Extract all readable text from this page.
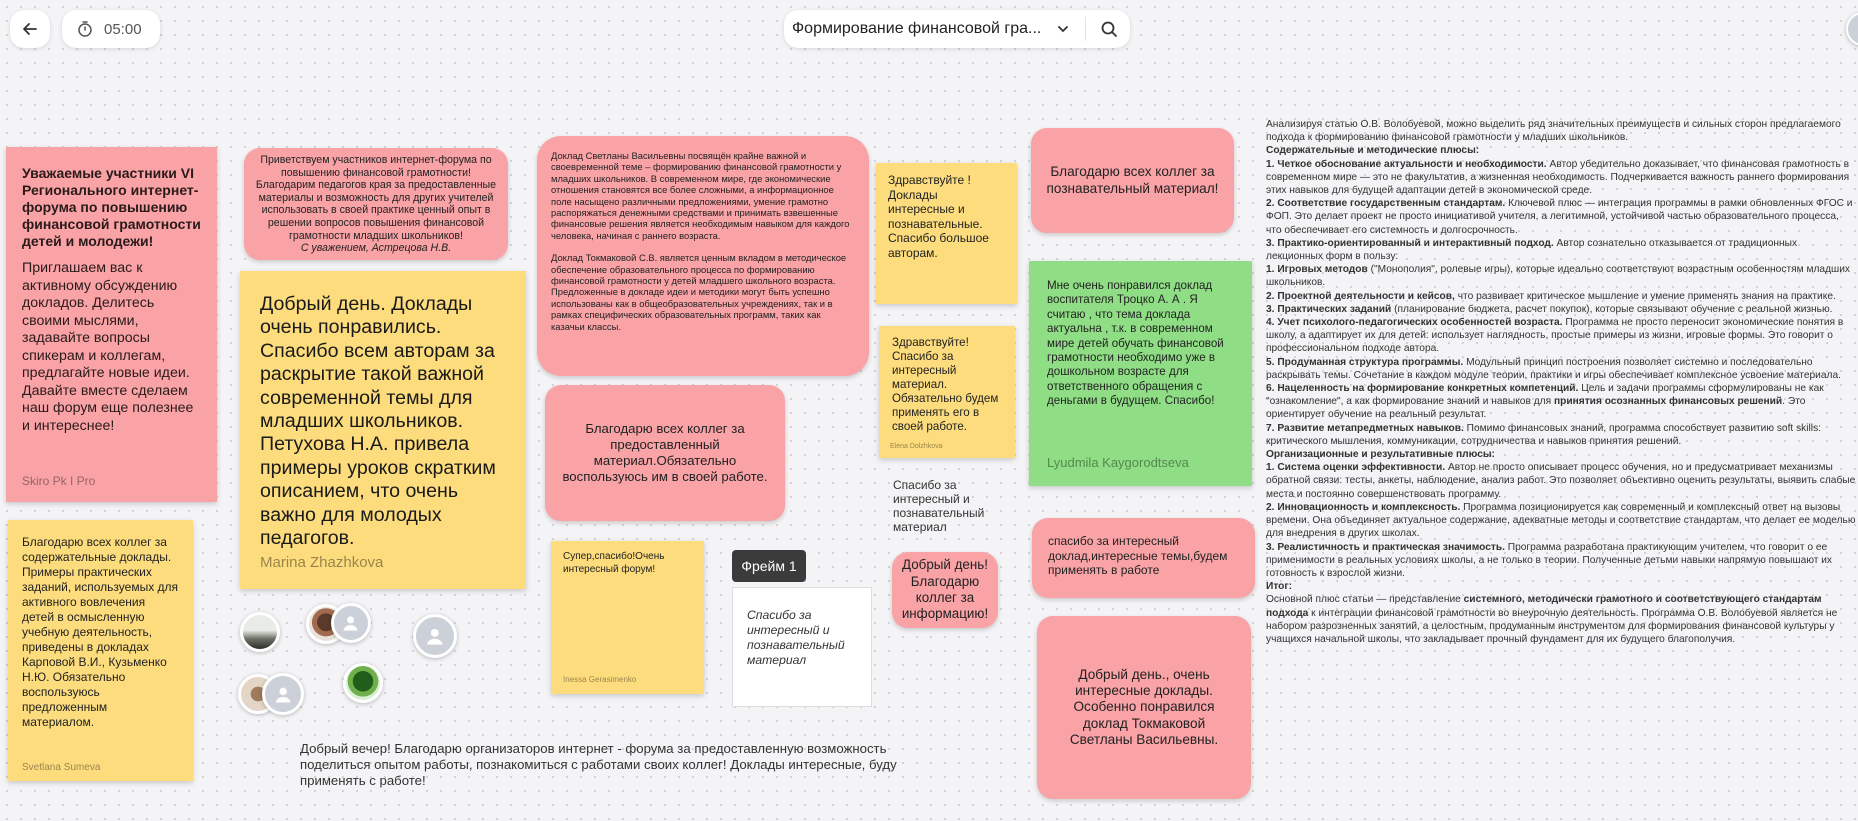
05:00	Формирование финансовой гра...
Уважаемые участники VI Регионального интернет-форума по повышению финансовой грамотности детей и молодежи!
Приглашаем вас к активному обсуждению докладов. Делитесь своими мыслями, задавайте вопросы спикерам и коллегам, предлагайте новые идеи. Давайте вместе сделаем наш форум еще полезнее и интереснее!
Skiro Pk I Pro
Благодарю всех коллег за содержательные доклады. Примеры практических заданий, используемых для активного вовлечения детей в осмысленную учебную деятельность, приведены в докладах Карповой В.И., Кузьменко Н.Ю. Обязательно воспользуюсь предложенным материалом.
Svetlana Sumeva
Приветствуем участников интернет-форума по повышению финансовой грамотности! Благодарим педагогов края за предоставленные материалы и возможность для других учителей использовать в своей практике ценный опыт в решении вопросов повышения финансовой грамотности младших школьников!
С уважением, Астрецова Н.В.
Добрый день. Доклады очень понравились. Спасибо всем авторам за раскрытие такой важной современной темы для младших школьников. Петухова Н.А. привела примеры уроков скратким описанием, что очень важно для молодых педагогов.
Marina Zhazhkova
Доклад Светланы Васильевны посвящён крайне важной и своевременной теме – формированию финансовой грамотности у младших школьников. В современном мире, где экономические отношения становятся все более сложными, а информационное поле насыщено различными предложениями, умение грамотно распоряжаться денежными средствами и принимать взвешенные финансовые решения является необходимым навыком для каждого человека, начиная с раннего возраста.
Доклад Токмаковой С.В. является ценным вкладом в методическое обеспечение образовательного процесса по формированию финансовой грамотности у детей младшего школьного возраста. Предложенные в докладе идеи и методики могут быть успешно использованы как в общеобразовательных учреждениях, так и в рамках специфических образовательных программ, таких как казачьи классы.
Благодарю всех коллег за предоставленный материал.Обязательно воспользуюсь им в своей работе.
Супер,спасибо!Очень интересный форум!
Inessa Gerasimenko
Фрейм 1
Спасибо за интересный и познавательный материал
Здравствуйте ! Доклады интересные и познавательные. Спасибо большое авторам.
Здравствуйте! Спасибо за интересный материал. Обязательно будем применять его в своей работе.
Elena Dolzhkova
Спасибо за интересный и познавательный материал
Добрый день! Благодарю коллег за информацию!
Благодарю всех коллег за познавательный материал!
Мне очень понравился доклад воспитателя Троцко А. А . Я считаю , что тема доклада актуальна , т.к. в современном мире детей обучать финансовой грамотности необходимо уже в дошкольном возрасте для ответственного обращения с деньгами в будущем. Спасибо!
Lyudmila Kaygorodtseva
спасибо за интересный доклад,интересные темы,будем применять в работе
Добрый день., очень интересные доклады. Особенно понравился доклад Токмаковой Светланы Васильевны.
Добрый вечер! Благодарю организаторов интернет - форума за предоставленную возможность поделиться опытом работы, познакомиться с работами своих коллег! Доклады интересные, буду применять с работе!
Анализируя статью О.В. Волобуевой, можно выделить ряд значительных преимуществ и сильных сторон предлагаемого подхода к формированию финансовой грамотности у младших школьников.
Содержательные и методические плюсы:
1. Четкое обоснование актуальности и необходимости. Автор убедительно доказывает, что финансовая грамотность в современном мире — это не факультатив, а жизненная необходимость. Подчеркивается важность раннего формирования этих навыков для будущей адаптации детей в экономической среде.
2. Соответствие государственным стандартам. Ключевой плюс — интеграция программы в рамки обновленных ФГОС и ФОП. Это делает проект не просто инициативой учителя, а легитимной, устойчивой частью образовательного процесса, что обеспечивает его системность и долгосрочность.
3. Практико-ориентированный и интерактивный подход. Автор сознательно отказывается от традиционных лекционных форм в пользу:
1. Игровых методов ("Монополия", ролевые игры), которые идеально соответствуют возрастным особенностям младших школьников.
2. Проектной деятельности и кейсов, что развивает критическое мышление и умение применять знания на практике.
3. Практических заданий (планирование бюджета, расчет покупок), которые связывают обучение с реальной жизнью.
4. Учет психолого-педагогических особенностей возраста. Программа не просто переносит экономические понятия в школу, а адаптирует их для детей: использует наглядность, простые примеры из жизни, игровые формы. Это говорит о профессиональном подходе автора.
5. Продуманная структура программы. Модульный принцип построения позволяет системно и последовательно раскрывать темы. Сочетание в каждом модуле теории, практики и игры обеспечивает комплексное усвоение материала.
6. Нацеленность на формирование конкретных компетенций. Цель и задачи программы сформулированы не как "ознакомление", а как формирование знаний и навыков для принятия осознанных финансовых решений. Это ориентирует обучение на реальный результат.
7. Развитие метапредметных навыков. Помимо финансовых знаний, программа способствует развитию soft skills: критического мышления, коммуникации, сотрудничества и навыков принятия решений.
Организационные и результативные плюсы:
1. Система оценки эффективности. Автор не просто описывает процесс обучения, но и предусматривает механизмы обратной связи: тесты, анкеты, наблюдение, анализ работ. Это позволяет объективно оценить результаты, выявить слабые места и постоянно совершенствовать программу.
2. Инновационность и комплексность. Программа позиционируется как современный и комплексный ответ на вызовы времени. Она объединяет актуальное содержание, адекватные методы и соответствие стандартам, что делает ее моделью для внедрения в других школах.
3. Реалистичность и практическая значимость. Программа разработана практикующим учителем, что говорит о ее применимости в реальных условиях школы, а не только в теории. Полученные детьми навыки напрямую повышают их готовность к взрослой жизни.
Итог:
Основной плюс статьи — представление системного, методически грамотного и соответствующего стандартам подхода к интеграции финансовой грамотности во внеурочную деятельность. Программа О.В. Волобуевой является не набором разрозненных занятий, а целостным, продуманным инструментом для формирования финансовой культуры у учащихся начальной школы, что закладывает прочный фундамент для их будущего благополучия.
